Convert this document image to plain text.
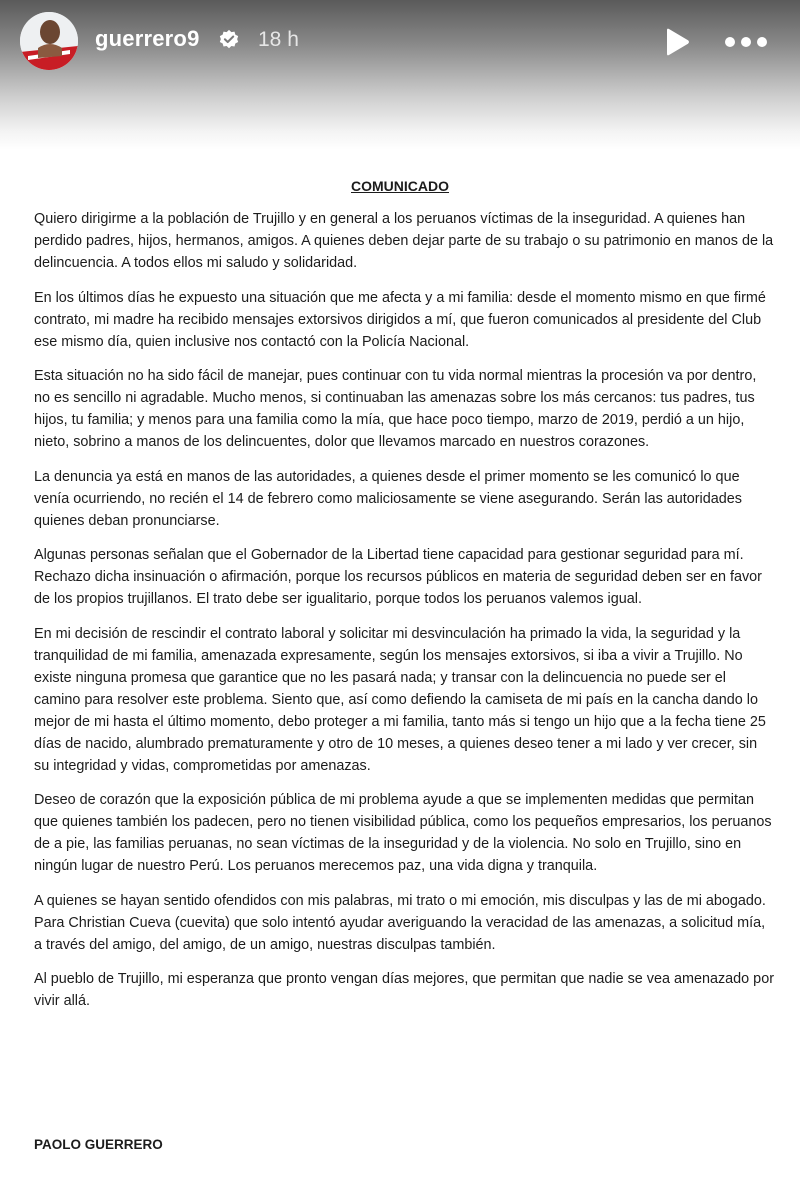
guerrero9	18 h
COMUNICADO

Quiero dirigirme a la población de Trujillo y en general a los peruanos víctimas de la inseguridad. A quienes han perdido padres, hijos, hermanos, amigos. A quienes deben dejar parte de su trabajo o su patrimonio en manos de la delincuencia. A todos ellos mi saludo y solidaridad.

En los últimos días he expuesto una situación que me afecta y a mi familia: desde el momento mismo en que firmé contrato, mi madre ha recibido mensajes extorsivos dirigidos a mí, que fueron comunicados al presidente del Club ese mismo día, quien inclusive nos contactó con la Policía Nacional.

Esta situación no ha sido fácil de manejar, pues continuar con tu vida normal mientras la procesión va por dentro, no es sencillo ni agradable. Mucho menos, si continuaban las amenazas sobre los más cercanos: tus padres, tus hijos, tu familia; y menos para una familia como la mía, que hace poco tiempo, marzo de 2019, perdió a un hijo, nieto, sobrino a manos de los delincuentes, dolor que llevamos marcado en nuestros corazones.

La denuncia ya está en manos de las autoridades, a quienes desde el primer momento se les comunicó lo que venía ocurriendo, no recién el 14 de febrero como maliciosamente se viene asegurando. Serán las autoridades quienes deban pronunciarse.

Algunas personas señalan que el Gobernador de la Libertad tiene capacidad para gestionar seguridad para mí. Rechazo dicha insinuación o afirmación, porque los recursos públicos en materia de seguridad deben ser en favor de los propios trujillanos. El trato debe ser igualitario, porque todos los peruanos valemos igual.

En mi decisión de rescindir el contrato laboral y solicitar mi desvinculación ha primado la vida, la seguridad y la tranquilidad de mi familia, amenazada expresamente, según los mensajes extorsivos, si iba a vivir a Trujillo. No existe ninguna promesa que garantice que no les pasará nada; y transar con la delincuencia no puede ser el camino para resolver este problema. Siento que, así como defiendo la camiseta de mi país en la cancha dando lo mejor de mi hasta el último momento, debo proteger a mi familia, tanto más si tengo un hijo que a la fecha tiene 25 días de nacido, alumbrado prematuramente y otro de 10 meses, a quienes deseo tener a mi lado y ver crecer, sin su integridad y vidas, comprometidas por amenazas.

Deseo de corazón que la exposición pública de mi problema ayude a que se implementen medidas que permitan que quienes también los padecen, pero no tienen visibilidad pública, como los pequeños empresarios, los peruanos de a pie, las familias peruanas, no sean víctimas de la inseguridad y de la violencia. No solo en Trujillo, sino en ningún lugar de nuestro Perú. Los peruanos merecemos paz, una vida digna y tranquila.

A quienes se hayan sentido ofendidos con mis palabras, mi trato o mi emoción, mis disculpas y las de mi abogado. Para Christian Cueva (cuevita) que solo intentó ayudar averiguando la veracidad de las amenazas, a solicitud mía, a través del amigo, del amigo, de un amigo, nuestras disculpas también.

Al pueblo de Trujillo, mi esperanza que pronto vengan días mejores, que permitan que nadie se vea amenazado por vivir allá.

PAOLO GUERRERO
